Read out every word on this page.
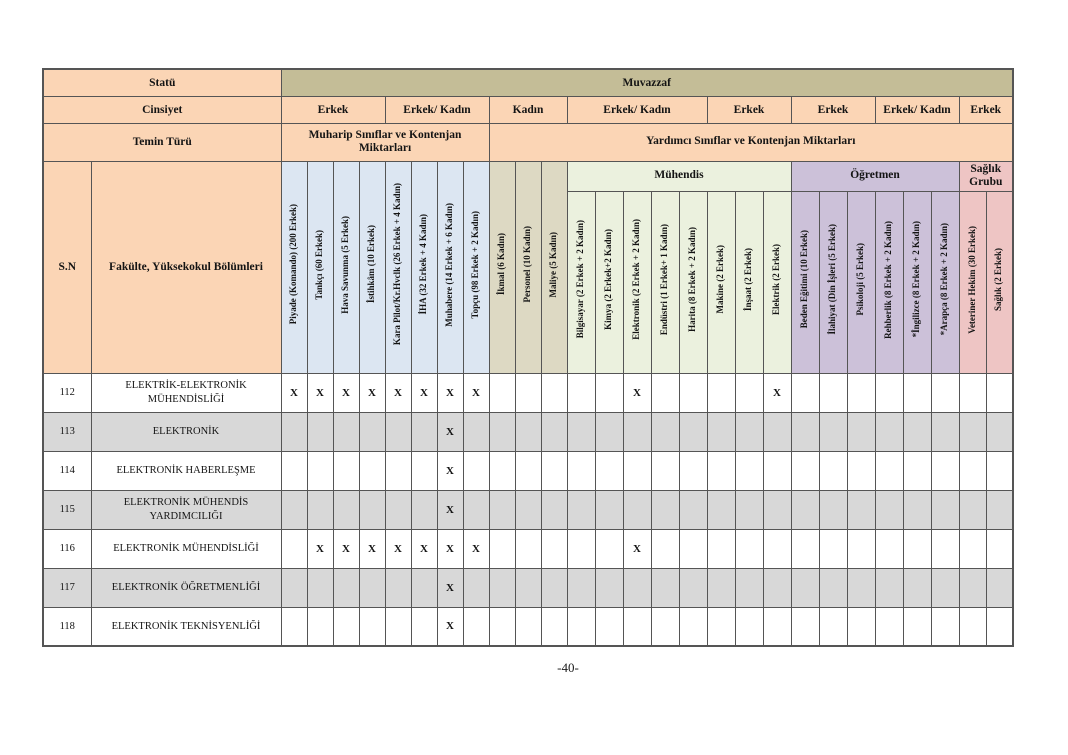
Statü		Muvazzaf																										
Cinsiyet		Erkek				Erkek/ Kadın				Kadın			Erkek/ Kadın					Erkek			Erkek			Erkek/ Kadın			Erkek	
Temin Türü		Muharip Sınıflar ve Kontenjan Miktarları								Yardımcı Sınıflar ve Kontenjan Miktarları																		
S.N	Fakülte, Yüksekokul Bölümleri	Piyade (Komando) (200 Erkek)	Tankçı (60 Erkek)	Hava Savunma (5 Erkek)	İstihkâm (10 Erkek)	Kara Pilot/Kr.Hvclk (26 Erkek + 4 Kadın)	İHA (32 Erkek + 4 Kadın)	Muhabere (14 Erkek + 6 Kadın)	Topçu (98 Erkek + 2 Kadın)	İkmal (6 Kadın)	Personel (10 Kadın)	Maliye (5 Kadın)	Mühendis								Öğretmen						Sağlık Grubu	
													Bilgisayar (2 Erkek + 2 Kadın)	Kimya (2 Erkek+2 Kadın)	Elektronik (2 Erkek + 2 Kadın)	Endüstri (1 Erkek+ 1 Kadın)	Harita (8 Erkek + 2 Kadın)	Makine (2 Erkek)	İnşaat (2 Erkek)	Elektrik (2 Erkek)	Beden Eğitimi (10 Erkek)	İlahiyat (Din İşleri (5 Erkek)	Psikoloji (5 Erkek)	Rehberlik (8 Erkek + 2 Kadın)	*İngilizce (8 Erkek + 2 Kadın)	*Arapça (8 Erkek + 2 Kadın)	Veteriner Hekim (30 Erkek)	Sağlık (2 Erkek)
112	ELEKTRİK-ELEKTRONİK MÜHENDİSLİĞİ	X	X	X	X	X	X	X	X						X					X								
113	ELEKTRONİK							X																				
114	ELEKTRONİK HABERLEŞME							X																				
115	ELEKTRONİK MÜHENDİS YARDIMCILIĞI							X																				
116	ELEKTRONİK MÜHENDİSLİĞİ		X	X	X	X	X	X	X						X													
117	ELEKTRONİK ÖĞRETMENLİĞİ							X																				
118	ELEKTRONİK TEKNİSYENLİĞİ							X																				
-40-
